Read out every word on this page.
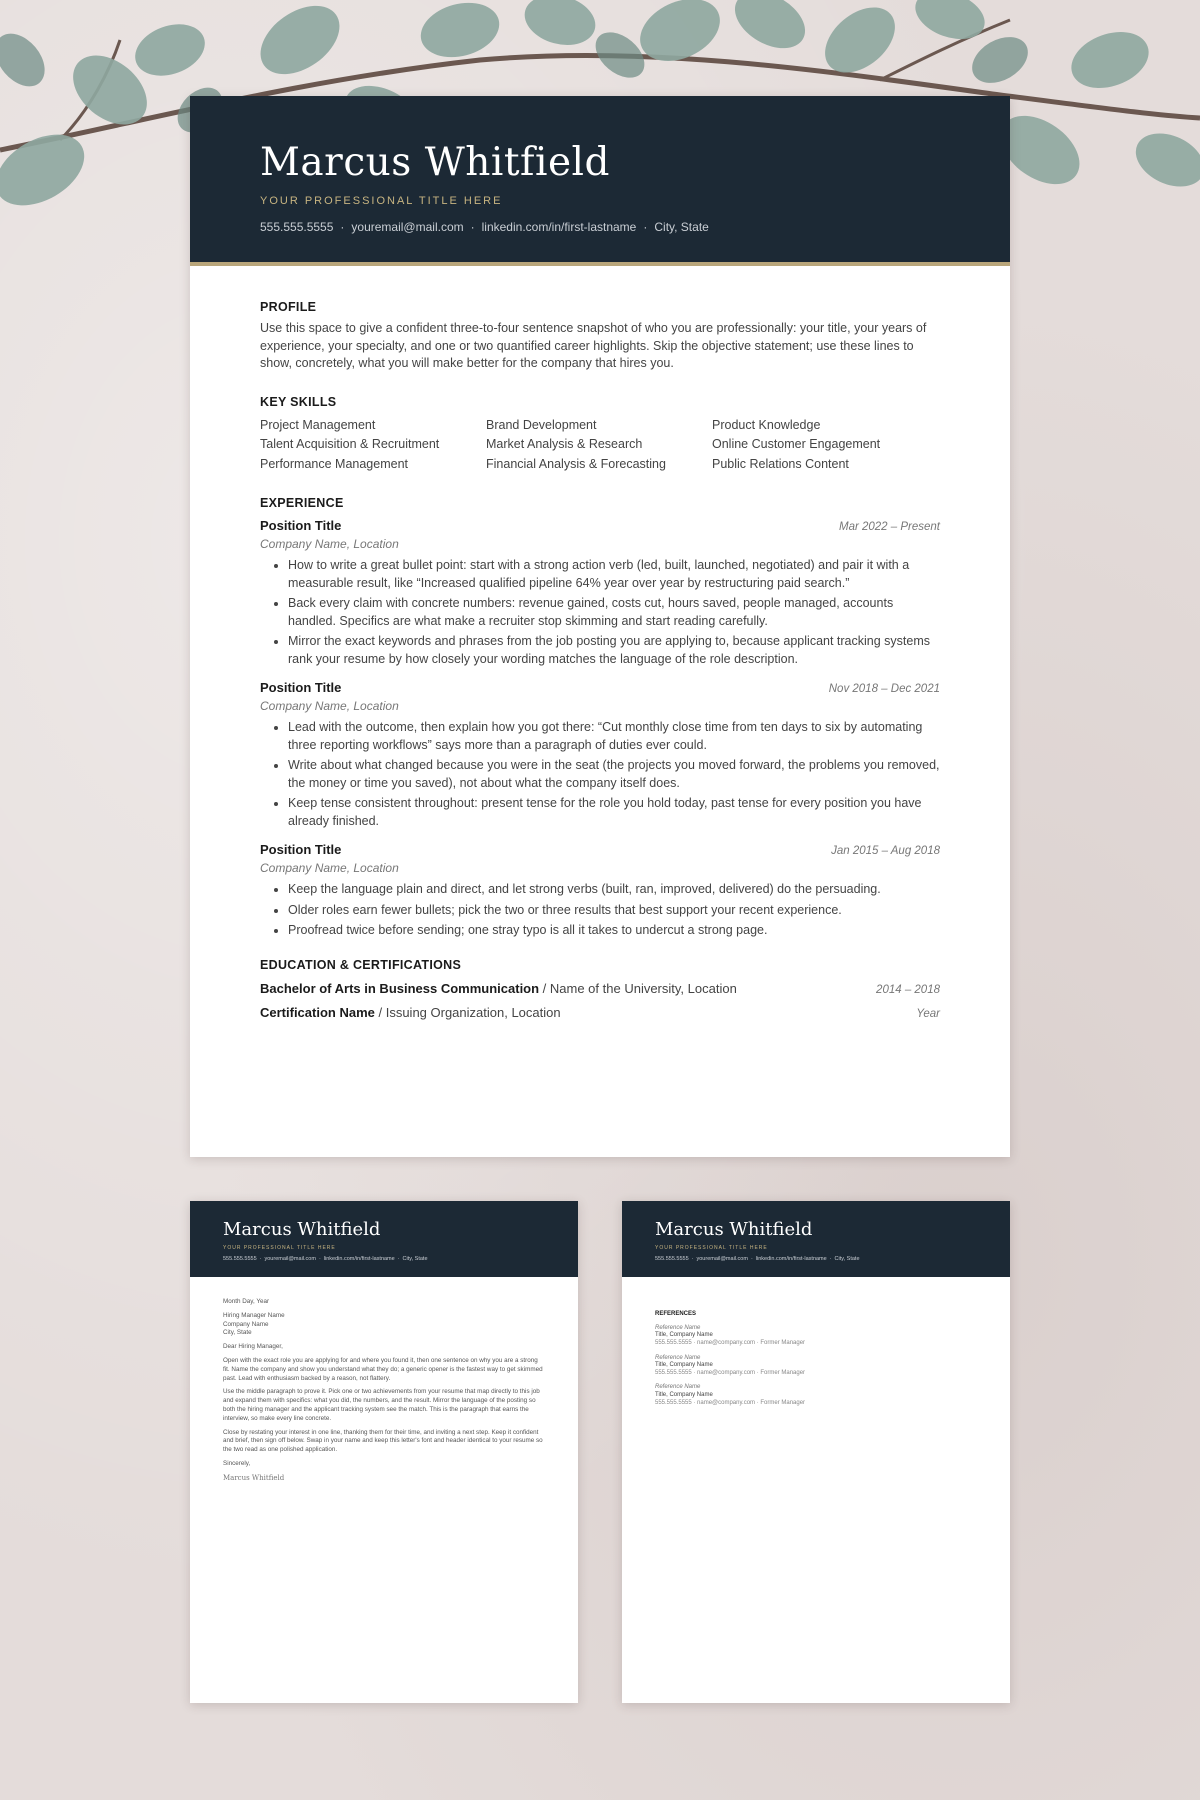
Marcus Whitfield
YOUR PROFESSIONAL TITLE HERE
555.555.5555 · youremail@mail.com · linkedin.com/in/first-lastname · City, State
PROFILE
Use this space to give a confident three-to-four sentence snapshot of who you are professionally: your title, your years of experience, your specialty, and one or two quantified career highlights. Skip the objective statement; use these lines to show, concretely, what you will make better for the company that hires you.
KEY SKILLS
Project Management	Brand Development	Product Knowledge
Talent Acquisition & Recruitment	Market Analysis & Research	Online Customer Engagement
Performance Management	Financial Analysis & Forecasting	Public Relations Content
EXPERIENCE
Position Title	Mar 2022 – Present
Company Name, Location
• How to write a great bullet point: start with a strong action verb (led, built, launched, negotiated) and pair it with a measurable result, like “Increased qualified pipeline 64% year over year by restructuring paid search.”
• Back every claim with concrete numbers: revenue gained, costs cut, hours saved, people managed, accounts handled. Specifics are what make a recruiter stop skimming and start reading carefully.
• Mirror the exact keywords and phrases from the job posting you are applying to, because applicant tracking systems rank your resume by how closely your wording matches the language of the role description.
Position Title	Nov 2018 – Dec 2021
Company Name, Location
• Lead with the outcome, then explain how you got there: “Cut monthly close time from ten days to six by automating three reporting workflows” says more than a paragraph of duties ever could.
• Write about what changed because you were in the seat (the projects you moved forward, the problems you removed, the money or time you saved), not about what the company itself does.
• Keep tense consistent throughout: present tense for the role you hold today, past tense for every position you have already finished.
Position Title	Jan 2015 – Aug 2018
Company Name, Location
• Keep the language plain and direct, and let strong verbs (built, ran, improved, delivered) do the persuading.
• Older roles earn fewer bullets; pick the two or three results that best support your recent experience.
• Proofread twice before sending; one stray typo is all it takes to undercut a strong page.
EDUCATION & CERTIFICATIONS
Bachelor of Arts in Business Communication / Name of the University, Location	2014 – 2018
Certification Name / Issuing Organization, Location	Year
Marcus Whitfield
YOUR PROFESSIONAL TITLE HERE
555.555.5555 · youremail@mail.com · linkedin.com/in/first-lastname · City, State

Month Day, Year

Hiring Manager Name
Company Name
City, State

Dear Hiring Manager,

Open with the exact role you are applying for and where you found it, then one sentence on why you are a strong fit. Name the company and show you understand what they do; a generic opener is the fastest way to get skimmed past. Lead with enthusiasm backed by a reason, not flattery.

Use the middle paragraph to prove it. Pick one or two achievements from your resume that map directly to this job and expand them with specifics: what you did, the numbers, and the result. Mirror the language of the posting so both the hiring manager and the applicant tracking system see the match. This is the paragraph that earns the interview, so make every line concrete.

Close by restating your interest in one line, thanking them for their time, and inviting a next step. Keep it confident and brief, then sign off below. Swap in your name and keep this letter's font and header identical to your resume so the two read as one polished application.

Sincerely,

Marcus Whitfield

Marcus Whitfield
YOUR PROFESSIONAL TITLE HERE
555.555.5555 · youremail@mail.com · linkedin.com/in/first-lastname · City, State
REFERENCES
Reference Name
Title, Company Name
555.555.5555 · name@company.com · Former Manager
Reference Name
Title, Company Name
555.555.5555 · name@company.com · Former Manager
Reference Name
Title, Company Name
555.555.5555 · name@company.com · Former Manager
